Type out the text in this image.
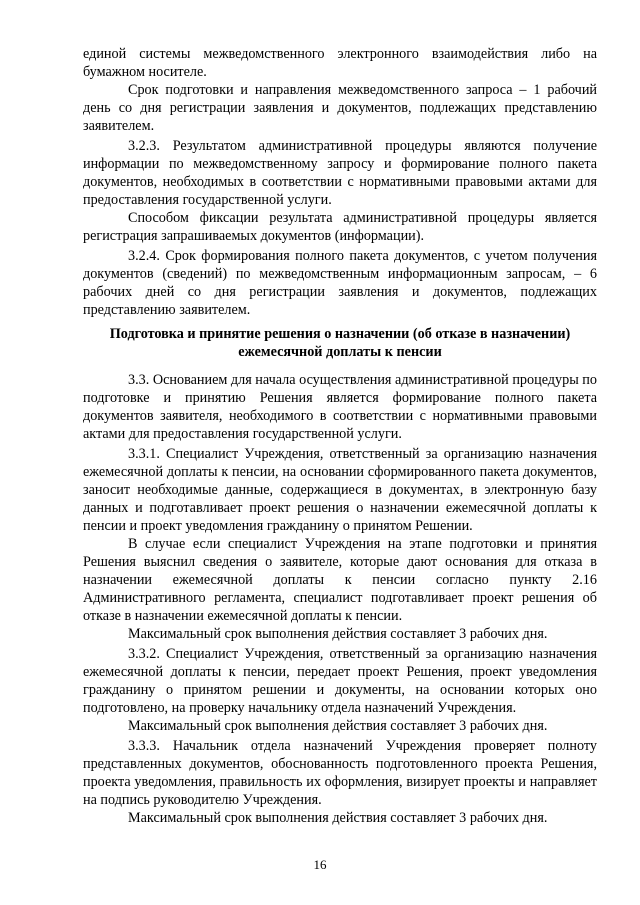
единой системы межведомственного электронного взаимодействия либо на бумажном носителе.

Срок подготовки и направления межведомственного запроса – 1 рабочий день со дня регистрации заявления и документов, подлежащих представлению заявителем.

3.2.3. Результатом административной процедуры являются получение информации по межведомственному запросу и формирование полного пакета документов, необходимых в соответствии с нормативными правовыми актами для предоставления государственной услуги.

Способом фиксации результата административной процедуры является регистрация запрашиваемых документов (информации).

3.2.4. Срок формирования полного пакета документов, с учетом получения документов (сведений) по межведомственным информационным запросам, – 6 рабочих дней со дня регистрации заявления и документов, подлежащих представлению заявителем.

Подготовка и принятие решения о назначении (об отказе в назначении) ежемесячной доплаты к пенсии

3.3. Основанием для начала осуществления административной процедуры по подготовке и принятию Решения является формирование полного пакета документов заявителя, необходимого в соответствии с нормативными правовыми актами для предоставления государственной услуги.

3.3.1. Специалист Учреждения, ответственный за организацию назначения ежемесячной доплаты к пенсии, на основании сформированного пакета документов, заносит необходимые данные, содержащиеся в документах, в электронную базу данных и подготавливает проект решения о назначении ежемесячной доплаты к пенсии и проект уведомления гражданину о принятом Решении.

В случае если специалист Учреждения на этапе подготовки и принятия Решения выяснил сведения о заявителе, которые дают основания для отказа в назначении ежемесячной доплаты к пенсии согласно пункту 2.16 Административного регламента, специалист подготавливает проект решения об отказе в назначении ежемесячной доплаты к пенсии.

Максимальный срок выполнения действия составляет 3 рабочих дня.

3.3.2. Специалист Учреждения, ответственный за организацию назначения ежемесячной доплаты к пенсии, передает проект Решения, проект уведомления гражданину о принятом решении и документы, на основании которых оно подготовлено, на проверку начальнику отдела назначений Учреждения.

Максимальный срок выполнения действия составляет 3 рабочих дня.

3.3.3. Начальник отдела назначений Учреждения проверяет полноту представленных документов, обоснованность подготовленного проекта Решения, проекта уведомления, правильность их оформления, визирует проекты и направляет на подпись руководителю Учреждения.

Максимальный срок выполнения действия составляет 3 рабочих дня.

16
